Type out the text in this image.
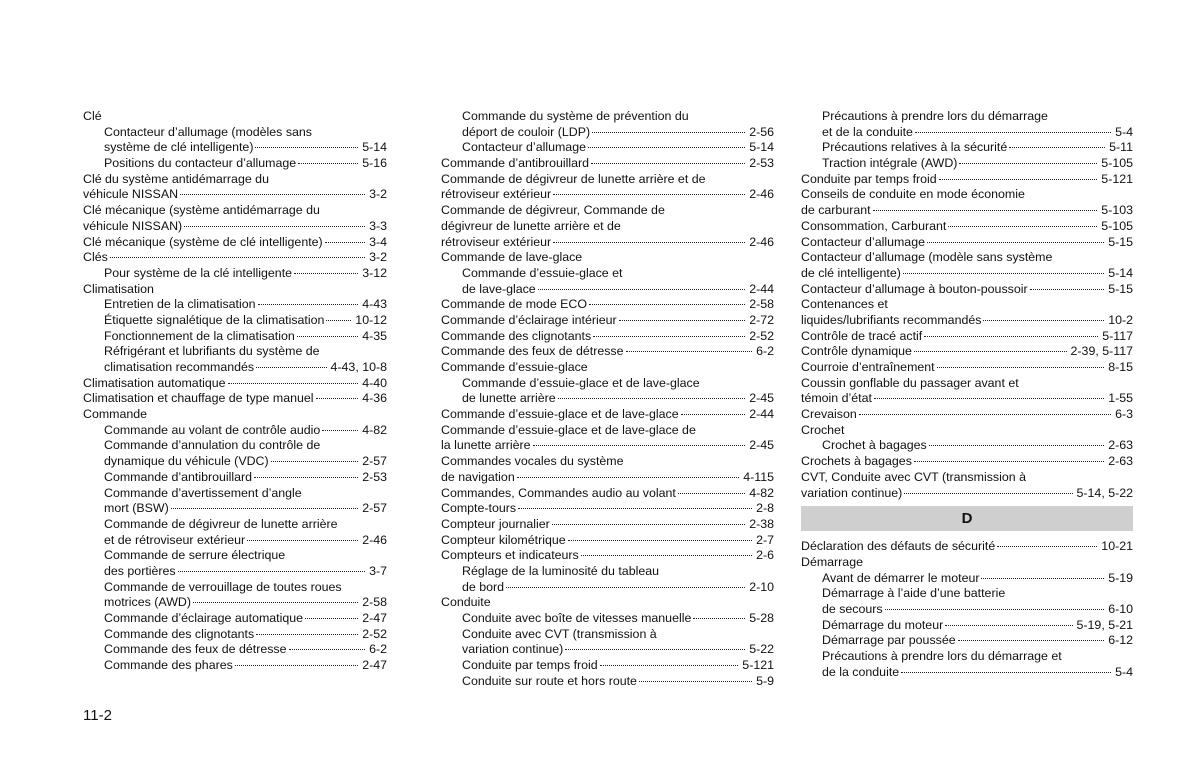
Clé
Contacteur d’allumage (modèles sans
système de clé intelligente)	5-14
Positions du contacteur d’allumage	5-16
Clé du système antidémarrage du
véhicule NISSAN	3-2
Clé mécanique (système antidémarrage du
véhicule NISSAN)	3-3
Clé mécanique (système de clé intelligente)	3-4
Clés	3-2
Pour système de la clé intelligente	3-12
Climatisation
Entretien de la climatisation	4-43
Étiquette signalétique de la climatisation 10-12
Fonctionnement de la climatisation	4-35
Réfrigérant et lubrifiants du système de
climatisation recommandés	4-43, 10-8
Climatisation automatique	4-40
Climatisation et chauffage de type manuel	4-36
Commande
Commande au volant de contrôle audio	4-82
Commande d’annulation du contrôle de
dynamique du véhicule (VDC)	2-57
Commande d’antibrouillard	2-53
Commande d’avertissement d’angle
mort (BSW)	2-57
Commande de dégivreur de lunette arrière
et de rétroviseur extérieur	2-46
Commande de serrure électrique
des portières	3-7
Commande de verrouillage de toutes roues
motrices (AWD)	2-58
Commande d’éclairage automatique	2-47
Commande des clignotants	2-52
Commande des feux de détresse	6-2
Commande des phares	2-47
Commande du système de prévention du
déport de couloir (LDP)	2-56
Contacteur d’allumage	5-14
Commande d’antibrouillard	2-53
Commande de dégivreur de lunette arrière et de
rétroviseur extérieur	2-46
Commande de dégivreur, Commande de
dégivreur de lunette arrière et de
rétroviseur extérieur	2-46
Commande de lave-glace
Commande d’essuie-glace et
de lave-glace	2-44
Commande de mode ECO	2-58
Commande d’éclairage intérieur	2-72
Commande des clignotants	2-52
Commande des feux de détresse	6-2
Commande d’essuie-glace
Commande d’essuie-glace et de lave-glace
de lunette arrière	2-45
Commande d’essuie-glace et de lave-glace	2-44
Commande d’essuie-glace et de lave-glace de
la lunette arrière	2-45
Commandes vocales du système
de navigation	4-115
Commandes, Commandes audio au volant	4-82
Compte-tours	2-8
Compteur journalier	2-38
Compteur kilométrique	2-7
Compteurs et indicateurs	2-6
Réglage de la luminosité du tableau
de bord	2-10
Conduite
Conduite avec boîte de vitesses manuelle	5-28
Conduite avec CVT (transmission à
variation continue)	5-22
Conduite par temps froid	5-121
Conduite sur route et hors route	5-9
Précautions à prendre lors du démarrage
et de la conduite	5-4
Précautions relatives à la sécurité	5-11
Traction intégrale (AWD)	5-105
Conduite par temps froid	5-121
Conseils de conduite en mode économie
de carburant	5-103
Consommation, Carburant	5-105
Contacteur d’allumage	5-15
Contacteur d’allumage (modèle sans système
de clé intelligente)	5-14
Contacteur d’allumage à bouton-poussoir	5-15
Contenances et
liquides/lubrifiants recommandés	10-2
Contrôle de tracé actif	5-117
Contrôle dynamique	2-39, 5-117
Courroie d’entraînement	8-15
Coussin gonflable du passager avant et
témoin d’état	1-55
Crevaison	6-3
Crochet
Crochet à bagages	2-63
Crochets à bagages	2-63
CVT, Conduite avec CVT (transmission à
variation continue)	5-14, 5-22
D
Déclaration des défauts de sécurité	10-21
Démarrage
Avant de démarrer le moteur	5-19
Démarrage à l’aide d’une batterie
de secours	6-10
Démarrage du moteur	5-19, 5-21
Démarrage par poussée	6-12
Précautions à prendre lors du démarrage et
de la conduite	5-4
11-2
